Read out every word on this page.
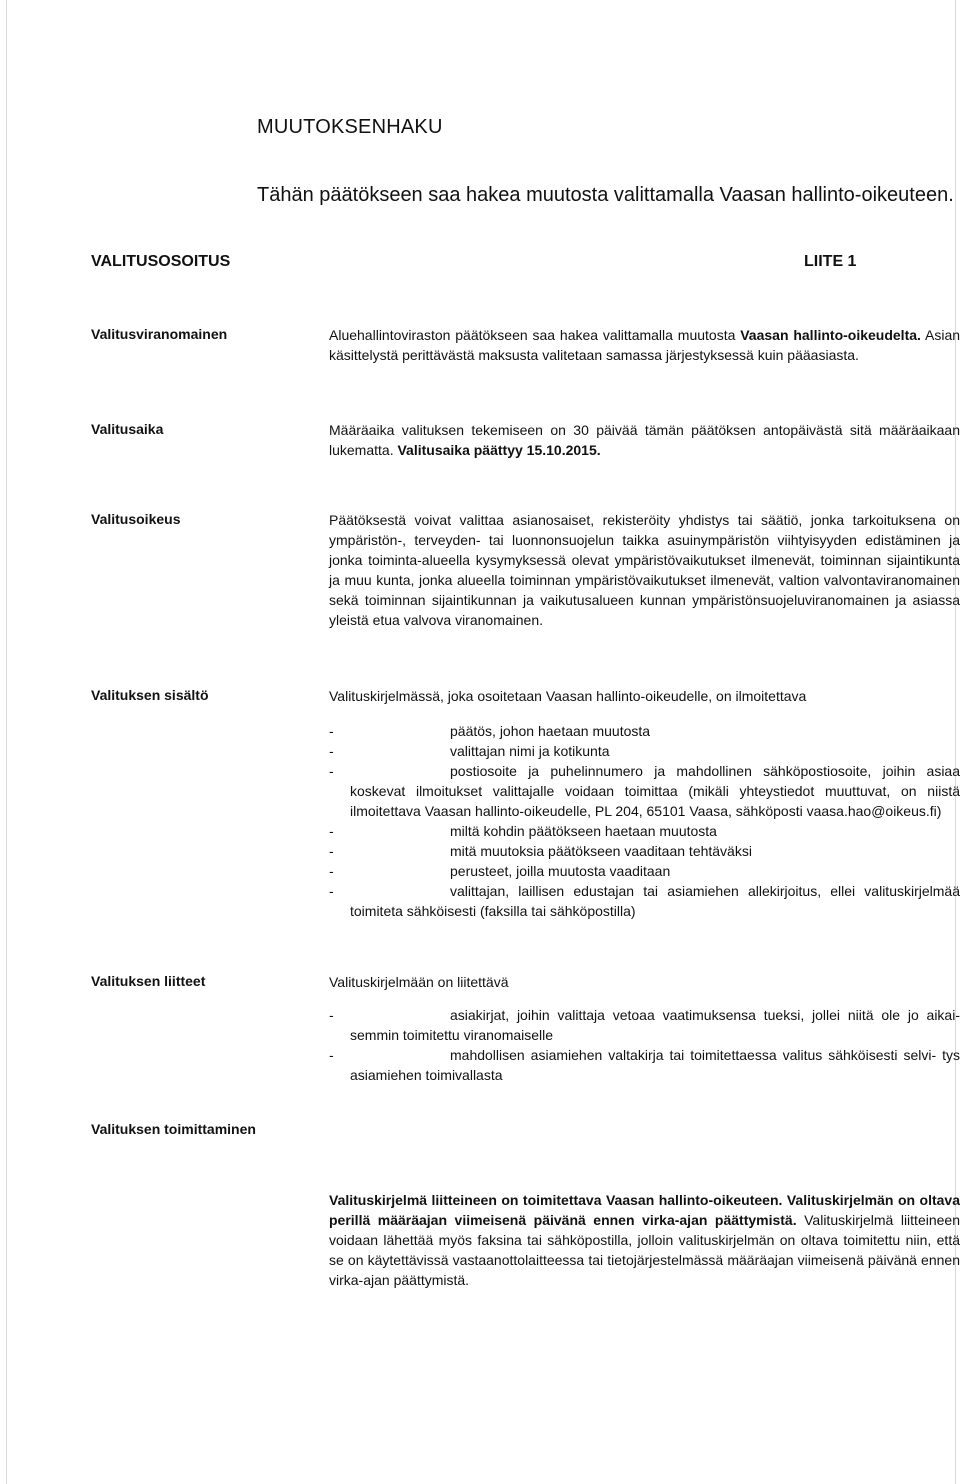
MUUTOKSENHAKU
Tähän päätökseen saa hakea muutosta valittamalla Vaasan hallinto-oikeuteen.
VALITUSOSOITUS	LIITE 1
Valitusviranomainen	Aluehallintoviraston päätökseen saa hakea valittamalla muutosta Vaasan hallinto-oikeudelta. Asian käsittelystä perittävästä maksusta valitetaan samassa järjestyksessä kuin pääasiasta.

Valitusaika	Määräaika valituksen tekemiseen on 30 päivää tämän päätöksen antopäivästä sitä määräaikaan lukematta. Valitusaika päättyy 15.10.2015.

Valitusoikeus	Päätöksestä voivat valittaa asianosaiset, rekisteröity yhdistys tai säätiö, jonka tarkoituksena on ympäristön-, terveyden- tai luonnonsuojelun taikka asuinympäristön viihtyisyyden edistäminen ja jonka toiminta-alueella kysymyksessä olevat ympäristövaikutukset ilmenevät, toiminnan sijaintikunta ja muu kunta, jonka alueella toiminnan ympäristövaikutukset ilmenevät, valtion valvontaviranomainen sekä toiminnan sijaintikunnan ja vaikutusalueen kunnan ympäristönsuojeluviranomainen ja asiassa yleistä etua valvova viranomainen.

Valituksen sisältö	Valituskirjelmässä, joka osoitetaan Vaasan hallinto-oikeudelle, on ilmoitettava

-	päätös, johon haetaan muutosta
-	valittajan nimi ja kotikunta
-	postiosoite ja puhelinnumero ja mahdollinen sähköpostiosoite, joihin asiaa koskevat ilmoitukset valittajalle voidaan toimittaa (mikäli yhteystiedot muuttuvat, on niistä ilmoitettava Vaasan hallinto-oikeudelle, PL 204, 65101 Vaasa, sähköposti vaasa.hao@oikeus.fi)
-	miltä kohdin päätökseen haetaan muutosta
-	mitä muutoksia päätökseen vaaditaan tehtäväksi
-	perusteet, joilla muutosta vaaditaan
-	valittajan, laillisen edustajan tai asiamiehen allekirjoitus, ellei valituskirjelmää toimiteta sähköisesti (faksilla tai sähköpostilla)
Valituksen liitteet	Valituskirjelmään on liitettävä

-	asiakirjat, joihin valittaja vetoaa vaatimuksensa tueksi, jollei niitä ole jo aikai- semmin toimitettu viranomaiselle
-	mahdollisen asiamiehen valtakirja tai toimitettaessa valitus sähköisesti selvi- tys asiamiehen toimivallasta
Valituksen toimittaminen

Valituskirjelmä liitteineen on toimitettava Vaasan hallinto-oikeuteen. Valituskirjelmän on oltava perillä määräajan viimeisenä päivänä ennen virka-ajan päättymistä. Valituskirjelmä liitteineen voidaan lähettää myös faksina tai sähköpostilla, jolloin valituskirjelmän on oltava toimitettu niin, että se on käytettävissä vastaanottolaitteessa tai tietojärjestelmässä määräajan viimeisenä päivänä ennen virka-ajan päättymistä.
